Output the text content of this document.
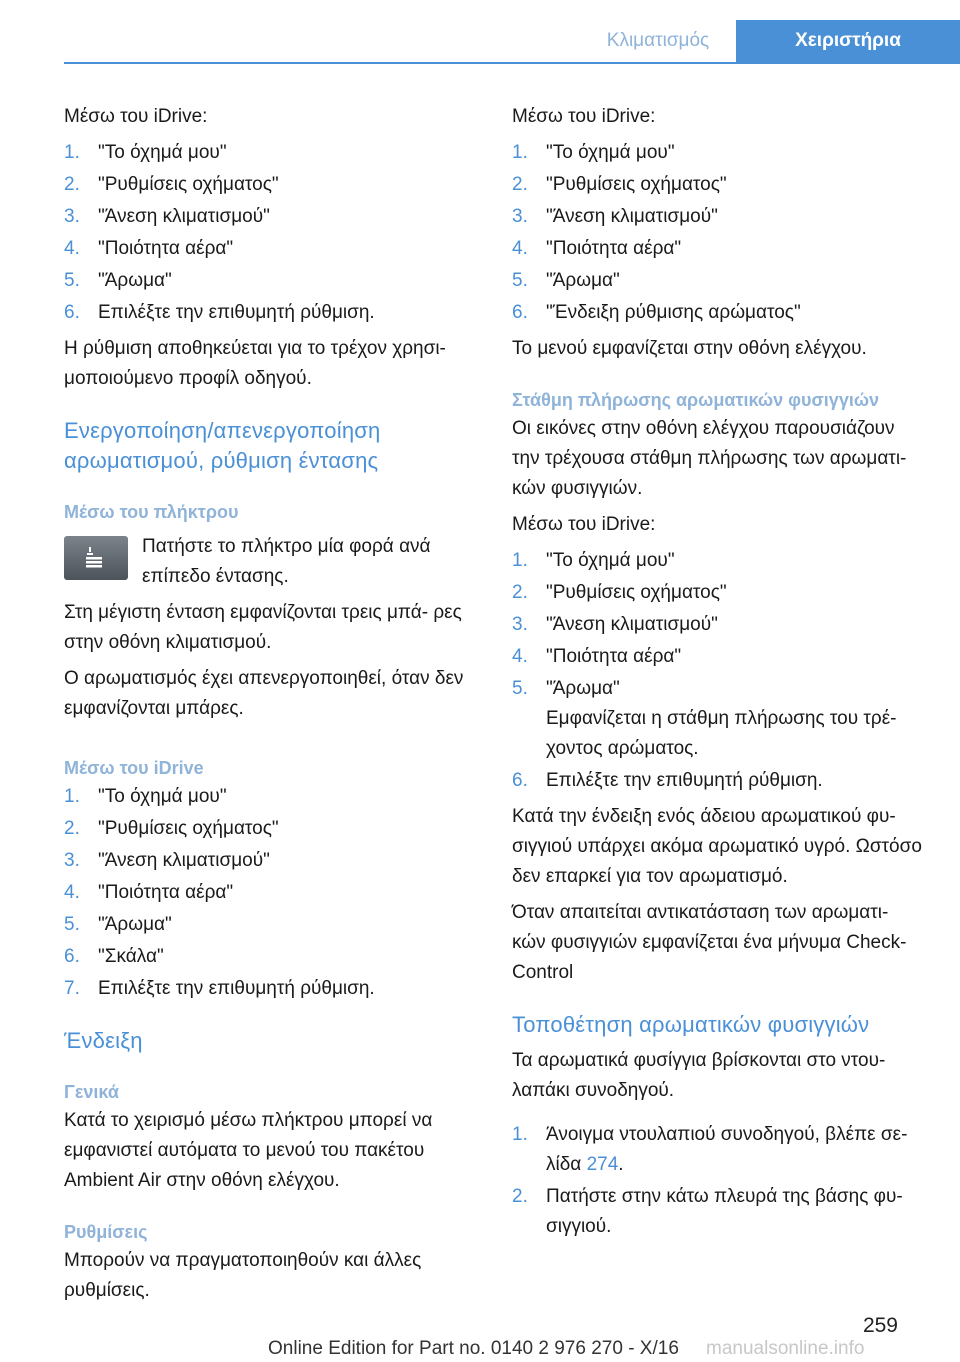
Κλιματισμός	Χειριστήρια

Μέσω του iDrive:

1. "Το όχημά μου"
2. "Ρυθμίσεις οχήματος"
3. "Άνεση κλιματισμού"
4. "Ποιότητα αέρα"
5. "Άρωμα"
6. Επιλέξτε την επιθυμητή ρύθμιση.

Η ρύθμιση αποθηκεύεται για το τρέχον χρησι‐ μοποιούμενο προφίλ οδηγού.

Ενεργοποίηση/απενεργοποίηση αρωματισμού, ρύθμιση έντασης
Μέσω του πλήκτρου
Πατήστε το πλήκτρο μία φορά ανά επίπεδο έντασης.

Στη μέγιστη ένταση εμφανίζονται τρεις μπά‐ ρες στην οθόνη κλιματισμού.

Ο αρωματισμός έχει απενεργοποιηθεί, όταν δεν εμφανίζονται μπάρες.

Μέσω του iDrive
1. "Το όχημά μου"
2. "Ρυθμίσεις οχήματος"
3. "Άνεση κλιματισμού"
4. "Ποιότητα αέρα"
5. "Άρωμα"
6. "Σκάλα"
7. Επιλέξτε την επιθυμητή ρύθμιση.
Ένδειξη
Γενικά

Κατά το χειρισμό μέσω πλήκτρου μπορεί να εμφανιστεί αυτόματα το μενού του πακέτου Ambient Air στην οθόνη ελέγχου.

Ρυθμίσεις

Μπορούν να πραγματοποιηθούν και άλλες ρυθμίσεις.

Μέσω του iDrive:

1. "Το όχημά μου"
2. "Ρυθμίσεις οχήματος"
3. "Άνεση κλιματισμού"
4. "Ποιότητα αέρα"
5. "Άρωμα"
6. "Ένδειξη ρύθμισης αρώματος"

Το μενού εμφανίζεται στην οθόνη ελέγχου.

Στάθμη πλήρωσης αρωματικών φυσιγγιών

Οι εικόνες στην οθόνη ελέγχου παρουσιάζουν την τρέχουσα στάθμη πλήρωσης των αρωματι‐ κών φυσιγγιών.

Μέσω του iDrive:

1. "Το όχημά μου"
2. "Ρυθμίσεις οχήματος"
3. "Άνεση κλιματισμού"
4. "Ποιότητα αέρα"
5. "Άρωμα"
Εμφανίζεται η στάθμη πλήρωσης του τρέ‐ χοντος αρώματος.
6. Επιλέξτε την επιθυμητή ρύθμιση.

Κατά την ένδειξη ενός άδειου αρωματικού φυ‐ σιγγιού υπάρχει ακόμα αρωματικό υγρό. Ωστόσο δεν επαρκεί για τον αρωματισμό.

Όταν απαιτείται αντικατάσταση των αρωματι‐ κών φυσιγγιών εμφανίζεται ένα μήνυμα Check- Control

Τοποθέτηση αρωματικών φυσιγγιών

Τα αρωματικά φυσίγγια βρίσκονται στο ντου‐ λαπάκι συνοδηγού.

1. Άνοιγμα ντουλαπιού συνοδηγού, βλέπε σε‐ λίδα 274.
2. Πατήστε στην κάτω πλευρά της βάσης φυ‐ σιγγιού.
259
Online Edition for Part no. 0140 2 976 270 - X/16 manualsonline.info
